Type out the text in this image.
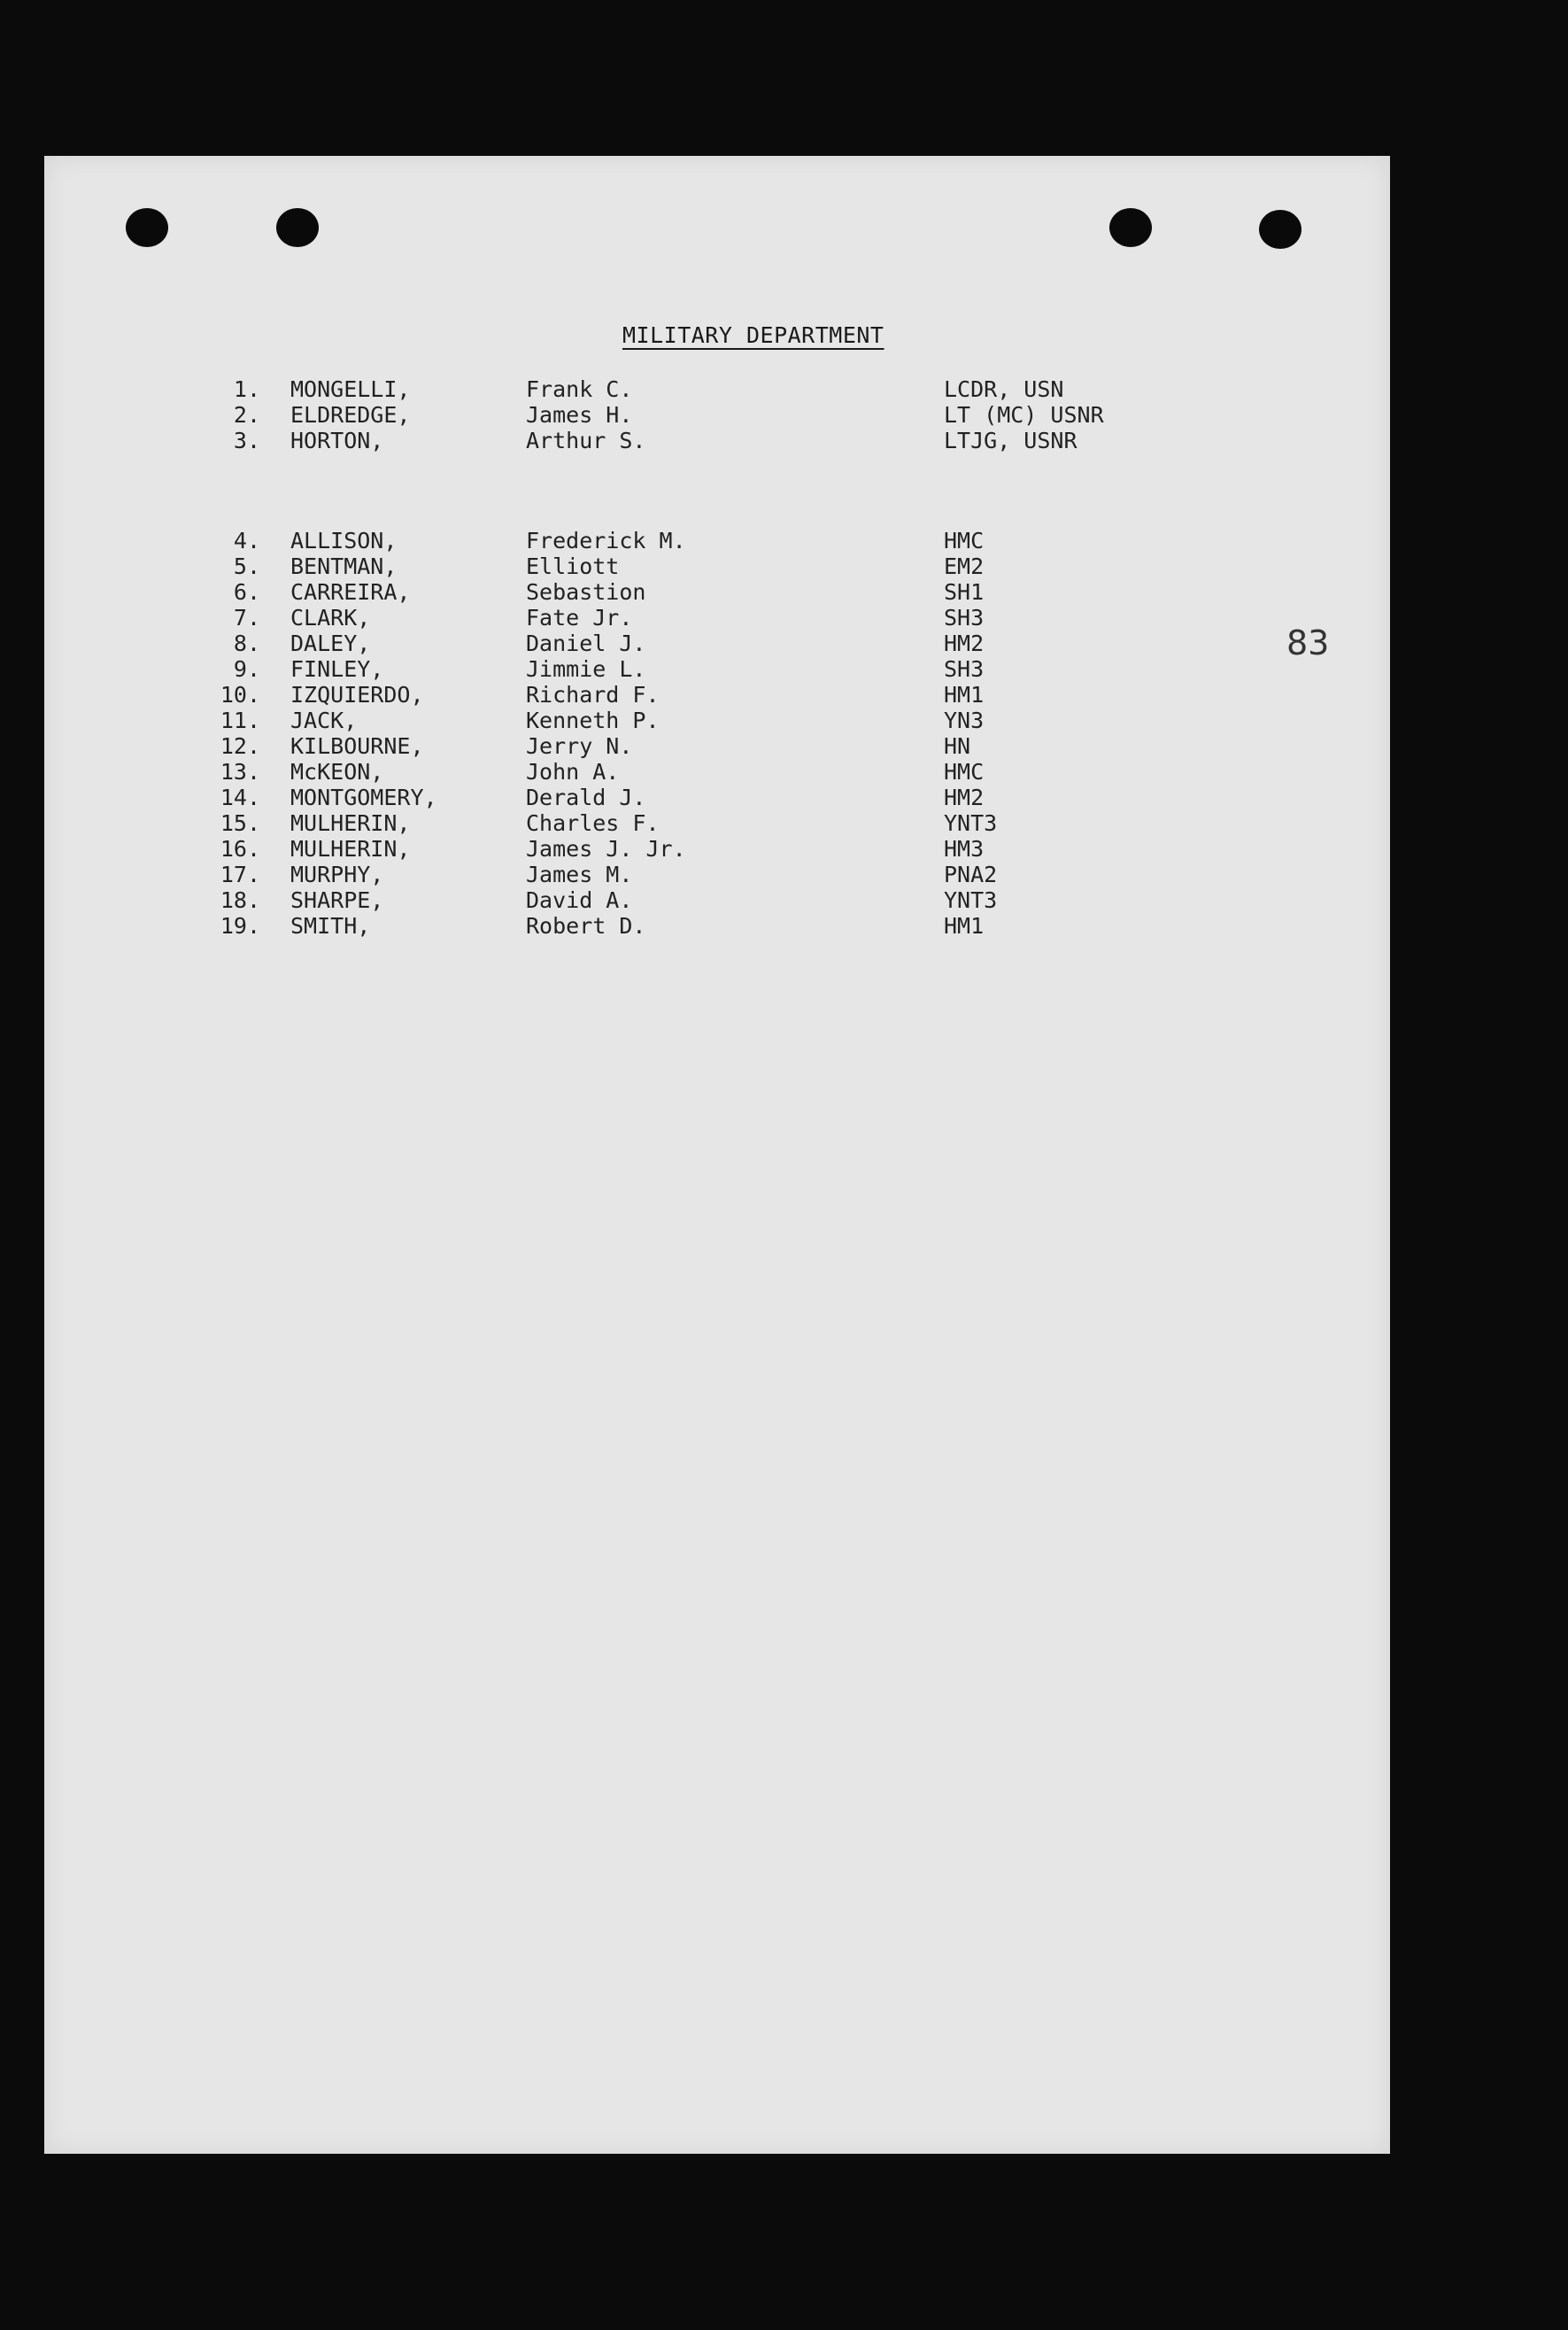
MILITARY DEPARTMENT
1. MONGELLI,	Frank C.	LCDR, USN
2. ELDREDGE,	James H.	LT (MC) USNR
3. HORTON,	Arthur S.	LTJG, USNR
4. ALLISON,	Frederick M.	HMC
5. BENTMAN,	Elliott	EM2
6. CARREIRA,	Sebastion	SH1
7. CLARK,	Fate Jr.	SH3
8. DALEY,	Daniel J.	HM2
9. FINLEY,	Jimmie L.	SH3
10. IZQUIERDO,	Richard F.	HM1
11. JACK,	Kenneth P.	YN3
12. KILBOURNE,	Jerry N.	HN
13. McKEON,	John A.	HMC
14. MONTGOMERY,	Derald J.	HM2
15. MULHERIN,	Charles F.	YNT3
16. MULHERIN,	James J. Jr.	HM3
17. MURPHY,	James M.	PNA2
18. SHARPE,	David A.	YNT3
19. SMITH,	Robert D.	HM1
83
